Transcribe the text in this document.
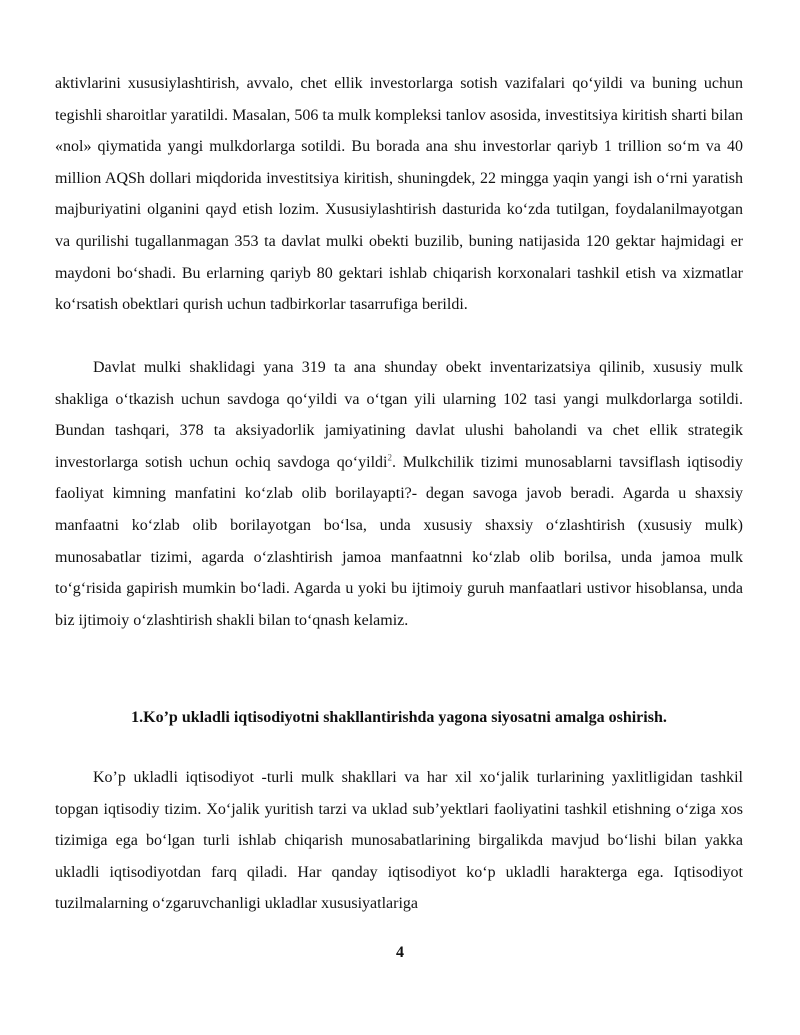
aktivlarini xususiylashtirish, avvalo, chet ellik investorlarga sotish vazifalari qo‘yildi va buning uchun tegishli sharoitlar yaratildi. Masalan, 506 ta mulk kompleksi tanlov asosida, investitsiya kiritish sharti bilan «nol» qiymatida yangi mulkdorlarga sotildi. Bu borada ana shu investorlar qariyb 1 trillion so‘m va 40 million AQSh dollari miqdorida investitsiya kiritish, shuningdek, 22 mingga yaqin yangi ish o‘rni yaratish majburiyatini olganini qayd etish lozim. Xususiylashtirish dasturida ko‘zda tutilgan, foydalanilmayotgan va qurilishi tugallanmagan 353 ta davlat mulki obekti buzilib, buning natijasida 120 gektar hajmidagi er maydoni bo‘shadi. Bu erlarning qariyb 80 gektari ishlab chiqarish korxonalari tashkil etish va xizmatlar ko‘rsatish obektlari qurish uchun tadbirkorlar tasarrufiga berildi.

Davlat mulki shaklidagi yana 319 ta ana shunday obekt inventarizatsiya qilinib, xususiy mulk shakliga o‘tkazish uchun savdoga qo‘yildi va o‘tgan yili ularning 102 tasi yangi mulkdorlarga sotildi. Bundan tashqari, 378 ta aksiyadorlik jamiyatining davlat ulushi baholandi va chet ellik strategik investorlarga sotish uchun ochiq savdoga qo‘yildi$^2$. Mulkchilik tizimi munosablarni tavsiflash iqtisodiy faoliyat kimning manfatini ko‘zlab olib borilayapti?- degan savoga javob beradi. Agarda u shaxsiy manfaatni ko‘zlab olib borilayotgan bo‘lsa, unda xususiy shaxsiy o‘zlashtirish (xususiy mulk) munosabatlar tizimi, agarda o‘zlashtirish jamoa manfaatnni ko‘zlab olib borilsa, unda jamoa mulk to‘g‘risida gapirish mumkin bo‘ladi. Agarda u yoki bu ijtimoiy guruh manfaatlari ustivor hisoblansa, unda biz ijtimoiy o‘zlashtirish shakli bilan to‘qnash kelamiz.

1.Ko’p ukladli iqtisodiyotni shakllantirishda yagona siyosatni amalga oshirish.

Ko’p ukladli iqtisodiyot -turli mulk shakllari va har xil xo‘jalik turlarining yaxlitligidan tashkil topgan iqtisodiy tizim. Xo‘jalik yuritish tarzi va uklad sub’yektlari faoliyatini tashkil etishning o‘ziga xos tizimiga ega bo‘lgan turli ishlab chiqarish munosabatlarining birgalikda mavjud bo‘lishi bilan yakka ukladli iqtisodiyotdan farq qiladi. Har qanday iqtisodiyot ko‘p ukladli harakterga ega. Iqtisodiyot tuzilmalarning o‘zgaruvchanligi ukladlar xususiyatlariga

4
